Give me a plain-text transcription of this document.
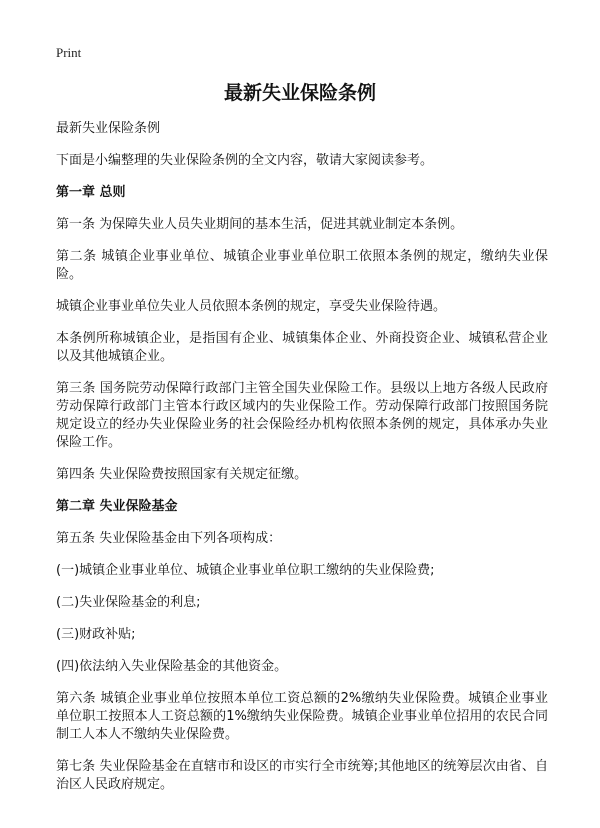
Print
最新失业保险条例

最新失业保险条例

下面是小编整理的失业保险条例的全文内容，敬请大家阅读参考。

第一章 总则

第一条 为保障失业人员失业期间的基本生活，促进其就业制定本条例。

第二条 城镇企业事业单位、城镇企业事业单位职工依照本条例的规定，缴纳失业保险。

城镇企业事业单位失业人员依照本条例的规定，享受失业保险待遇。

本条例所称城镇企业，是指国有企业、城镇集体企业、外商投资企业、城镇私营企业以及其他城镇企业。

第三条 国务院劳动保障行政部门主管全国失业保险工作。县级以上地方各级人民政府劳动保障行政部门主管本行政区域内的失业保险工作。劳动保障行政部门按照国务院规定设立的经办失业保险业务的社会保险经办机构依照本条例的规定，具体承办失业保险工作。

第四条 失业保险费按照国家有关规定征缴。

第二章 失业保险基金

第五条 失业保险基金由下列各项构成：

(一)城镇企业事业单位、城镇企业事业单位职工缴纳的失业保险费;

(二)失业保险基金的利息;

(三)财政补贴;

(四)依法纳入失业保险基金的其他资金。

第六条 城镇企业事业单位按照本单位工资总额的2%缴纳失业保险费。城镇企业事业单位职工按照本人工资总额的1%缴纳失业保险费。城镇企业事业单位招用的农民合同制工人本人不缴纳失业保险费。

第七条 失业保险基金在直辖市和设区的市实行全市统筹;其他地区的统筹层次由省、自治区人民政府规定。
